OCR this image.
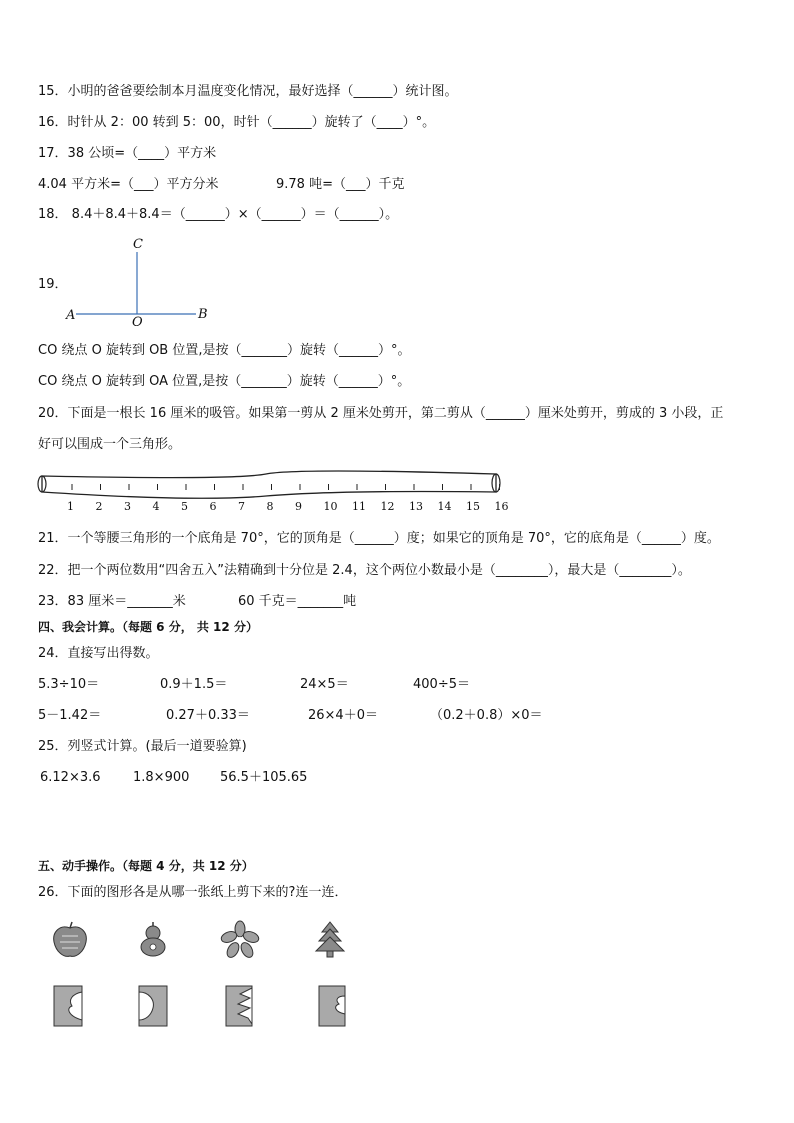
15．小明的爸爸要绘制本月温度变化情况，最好选择（______）统计图。
16．时针从 2：00 转到 5：00，时针（______）旋转了（____）°。
17．38 公顷=（____）平方米
4.04 平方米=（___）平方分米	9.78 吨=（___）千克
18． 8.4＋8.4＋8.4＝（______）×（______）＝（______）。
19．
C
A	O
B
CO 绕点 O 旋转到 OB 位置,是按（_______）旋转（______）°。
CO 绕点 O 旋转到 OA 位置,是按（_______）旋转（______）°。
20．下面是一根长 16 厘米的吸管。如果第一剪从 2 厘米处剪开，第二剪从（______）厘米处剪开，剪成的 3 小段，正
好可以围成一个三角形。
1 2 3 4 5 6 7 8 9 10 11 12 13 14 15 16
21．一个等腰三角形的一个底角是 70°，它的顶角是（______）度；如果它的顶角是 70°，它的底角是（______）度。
22．把一个两位数用“四舍五入”法精确到十分位是 2.4，这个两位小数最小是（________），最大是（________）。
23．83 厘米＝_______米	60 千克＝_______吨
四、我会计算。（每题 6 分， 共 12 分）
24．直接写出得数。
5.3÷10＝	0.9＋1.5＝	24×5＝	400÷5＝
5－1.42＝	0.27＋0.33＝	26×4＋0＝	（0.2＋0.8）×0＝
25．列竖式计算。(最后一道要验算)
6.12×3.6 1.8×900 56.5＋105.65
五、动手操作。（每题 4 分，共 12 分）
26．下面的图形各是从哪一张纸上剪下来的?连一连．
